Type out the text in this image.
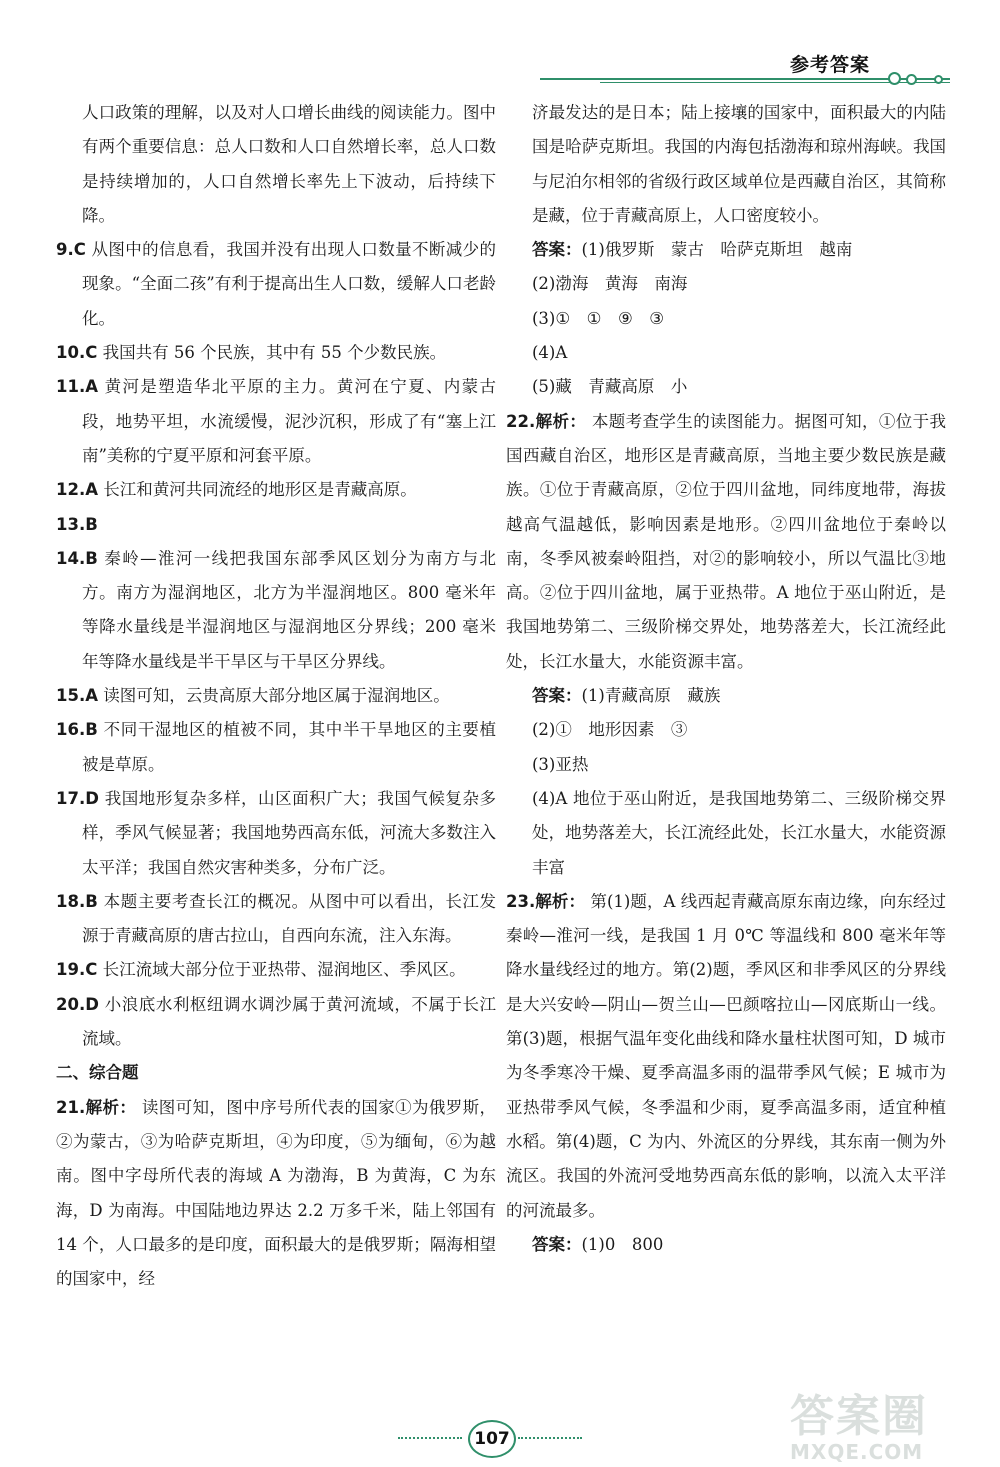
参考答案

人口政策的理解，以及对人口增长曲线的阅读能力。图中有两个重要信息：总人口数和人口自然增长率，总人口数是持续增加的，人口自然增长率先上下波动，后持续下降。

9.C 从图中的信息看，我国并没有出现人口数量不断减少的现象。“全面二孩”有利于提高出生人口数，缓解人口老龄化。

10.C 我国共有 56 个民族，其中有 55 个少数民族。

11.A 黄河是塑造华北平原的主力。黄河在宁夏、内蒙古段，地势平坦，水流缓慢，泥沙沉积，形成了有“塞上江南”美称的宁夏平原和河套平原。

12.A 长江和黄河共同流经的地形区是青藏高原。

13.B

14.B 秦岭—淮河一线把我国东部季风区划分为南方与北方。南方为湿润地区，北方为半湿润地区。800 毫米年等降水量线是半湿润地区与湿润地区分界线；200 毫米年等降水量线是半干旱区与干旱区分界线。

15.A 读图可知，云贵高原大部分地区属于湿润地区。

16.B 不同干湿地区的植被不同，其中半干旱地区的主要植被是草原。

17.D 我国地形复杂多样，山区面积广大；我国气候复杂多样，季风气候显著；我国地势西高东低，河流大多数注入太平洋；我国自然灾害种类多，分布广泛。

18.B 本题主要考查长江的概况。从图中可以看出，长江发源于青藏高原的唐古拉山，自西向东流，注入东海。

19.C 长江流域大部分位于亚热带、湿润地区、季风区。

20.D 小浪底水利枢纽调水调沙属于黄河流域，不属于长江流域。

二、综合题

21.解析： 读图可知，图中序号所代表的国家①为俄罗斯，②为蒙古，③为哈萨克斯坦，④为印度，⑤为缅甸，⑥为越南。图中字母所代表的海域 A 为渤海，B 为黄海，C 为东海，D 为南海。中国陆地边界达 2.2 万多千米，陆上邻国有 14 个，人口最多的是印度，面积最大的是俄罗斯；隔海相望的国家中，经

济最发达的是日本；陆上接壤的国家中，面积最大的内陆国是哈萨克斯坦。我国的内海包括渤海和琼州海峡。我国与尼泊尔相邻的省级行政区域单位是西藏自治区，其简称是藏，位于青藏高原上，人口密度较小。

答案：(1)俄罗斯　蒙古　哈萨克斯坦　越南

(2)渤海　黄海　南海

(3)①　①　⑨　③

(4)A

(5)藏　青藏高原　小

22.解析： 本题考查学生的读图能力。据图可知，①位于我国西藏自治区，地形区是青藏高原，当地主要少数民族是藏族。①位于青藏高原，②位于四川盆地，同纬度地带，海拔越高气温越低，影响因素是地形。②四川盆地位于秦岭以南，冬季风被秦岭阻挡，对②的影响较小，所以气温比③地高。②位于四川盆地，属于亚热带。A 地位于巫山附近，是我国地势第二、三级阶梯交界处，地势落差大，长江流经此处，长江水量大，水能资源丰富。

答案：(1)青藏高原　藏族

(2)①　地形因素　③

(3)亚热

(4)A 地位于巫山附近，是我国地势第二、三级阶梯交界处，地势落差大，长江流经此处，长江水量大，水能资源丰富

23.解析： 第(1)题，A 线西起青藏高原东南边缘，向东经过秦岭—淮河一线，是我国 1 月 0℃ 等温线和 800 毫米年等降水量线经过的地方。第(2)题，季风区和非季风区的分界线是大兴安岭—阴山—贺兰山—巴颜喀拉山—冈底斯山一线。第(3)题，根据气温年变化曲线和降水量柱状图可知，D 城市为冬季寒冷干燥、夏季高温多雨的温带季风气候；E 城市为亚热带季风气候，冬季温和少雨，夏季高温多雨，适宜种植水稻。第(4)题，C 为内、外流区的分界线，其东南一侧为外流区。我国的外流河受地势西高东低的影响，以流入太平洋的河流最多。

答案：(1)0　800

107	答案圈
MXQE.COM
